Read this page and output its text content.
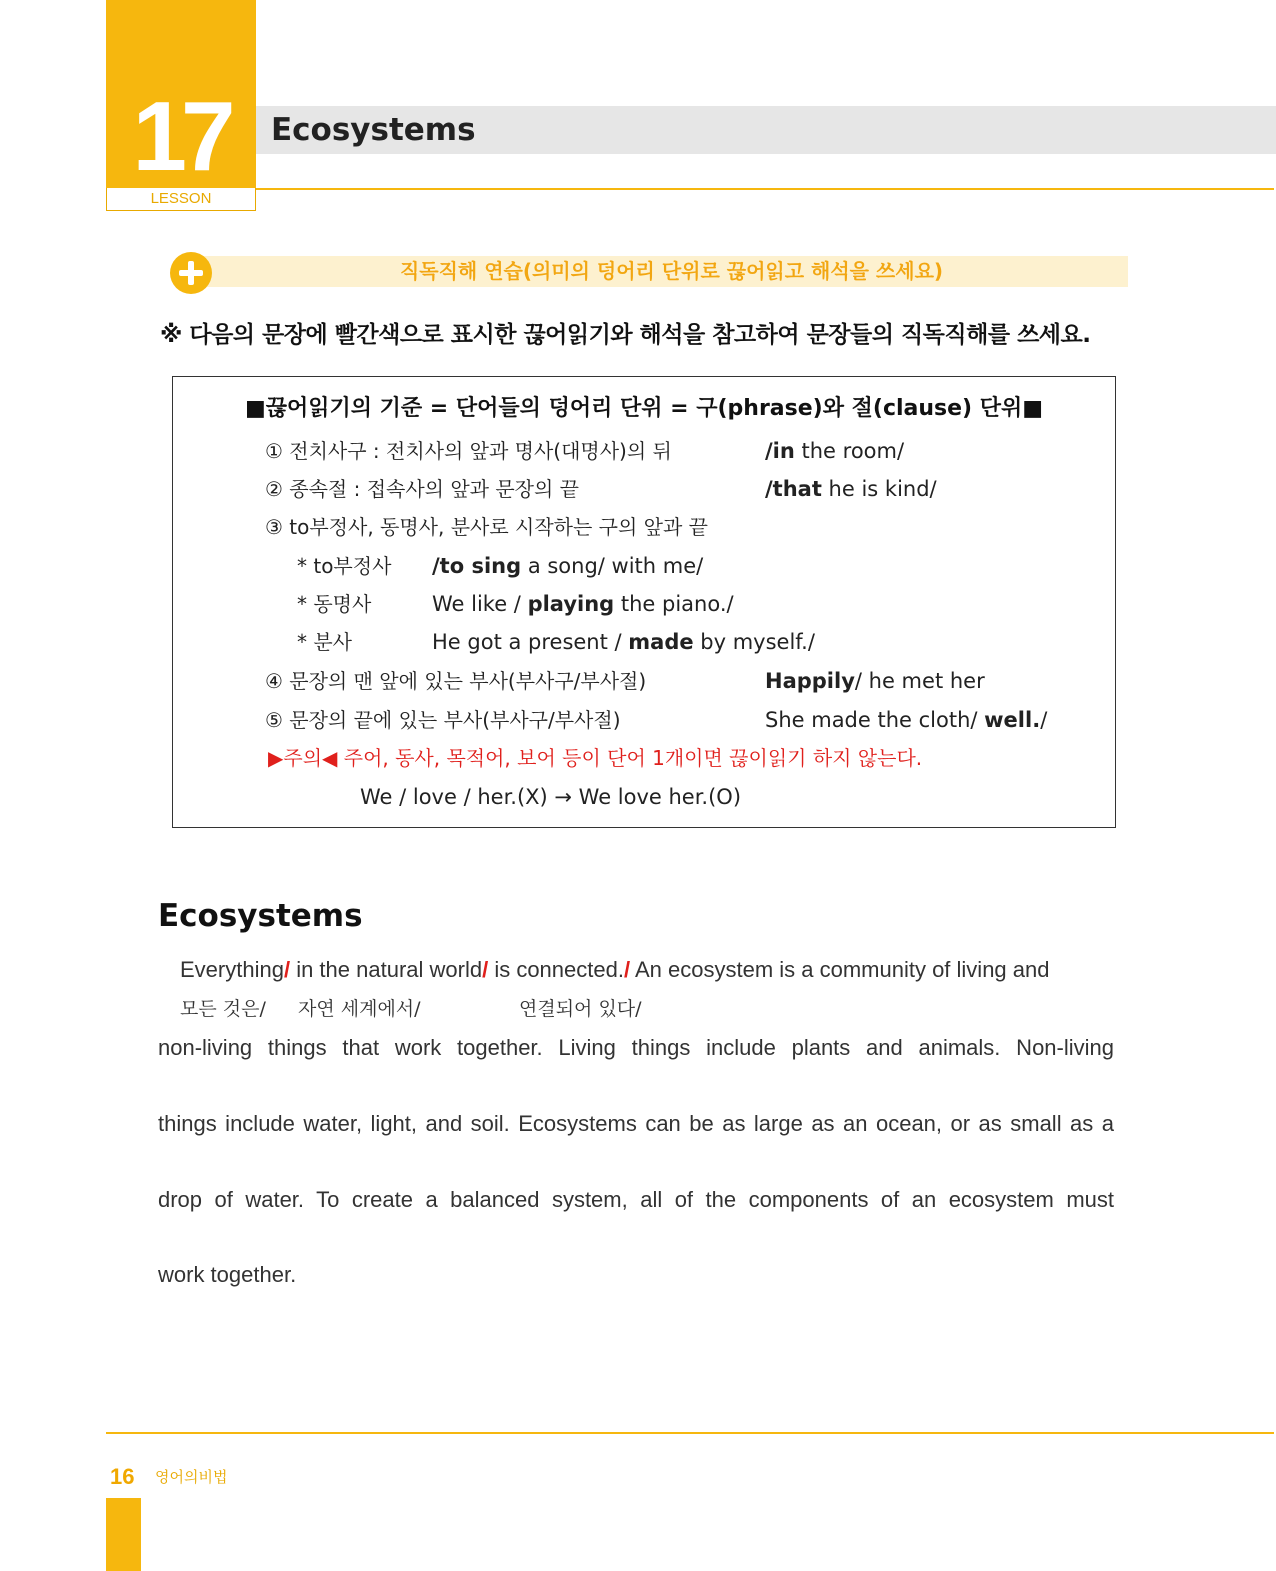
17
LESSON
Ecosystems
직독직해 연습(의미의 덩어리 단위로 끊어읽고 해석을 쓰세요)
※ 다음의 문장에 빨간색으로 표시한 끊어읽기와 해석을 참고하여 문장들의 직독직해를 쓰세요.
■끊어읽기의 기준 = 단어들의 덩어리 단위 = 구(phrase)와 절(clause) 단위■
① 전치사구 : 전치사의 앞과 명사(대명사)의 뒤	/in the room/
② 종속절 : 접속사의 앞과 문장의 끝	/that he is kind/
③ to부정사, 동명사, 분사로 시작하는 구의 앞과 끝
* to부정사 /to sing a song/ with me/
* 동명사	We like / playing the piano./
* 분사	He got a present / made by myself./
④ 문장의 맨 앞에 있는 부사(부사구/부사절)	Happily/ he met her
⑤ 문장의 끝에 있는 부사(부사구/부사절)	She made the cloth/ well./
▶주의◀ 주어, 동사, 목적어, 보어 등이 단어 1개이면 끊이읽기 하지 않는다.
We / love / her.(X) → We love her.(O)
Ecosystems
Everything/ in the natural world/ is connected./ An ecosystem is a community of living and
모든 것은/ 자연 세계에서/	연결되어 있다/
non-living things that work together. Living things include plants and animals. Non-living
things include water, light, and soil. Ecosystems can be as large as an ocean, or as small as a
drop of water. To create a balanced system, all of the components of an ecosystem must
work together.
16 영어의비법
